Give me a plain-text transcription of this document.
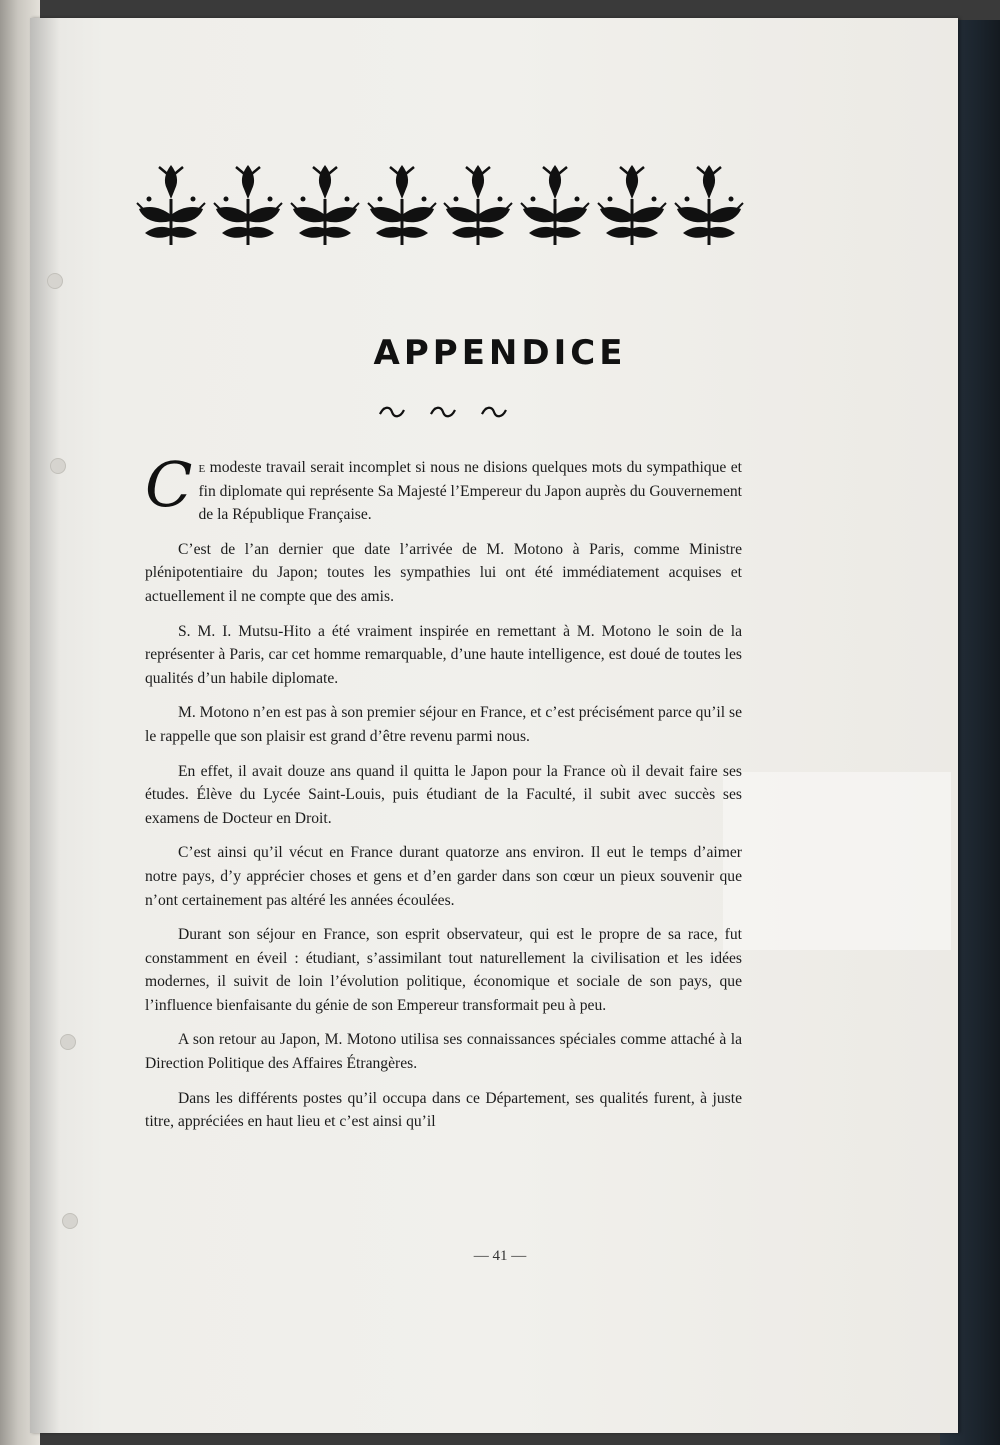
APPENDICE

Ce modeste travail serait incomplet si nous ne disions quelques mots du sympathique et fin diplomate qui représente Sa Majesté l’Empereur du Japon auprès du Gouvernement de la République Française.

C’est de l’an dernier que date l’arrivée de M. Motono à Paris, comme Ministre plénipotentiaire du Japon; toutes les sympathies lui ont été immédiatement acquises et actuellement il ne compte que des amis.

S. M. I. Mutsu-Hito a été vraiment inspirée en remettant à M. Motono le soin de la représenter à Paris, car cet homme remarquable, d’une haute intelligence, est doué de toutes les qualités d’un habile diplomate.

M. Motono n’en est pas à son premier séjour en France, et c’est précisément parce qu’il se le rappelle que son plaisir est grand d’être revenu parmi nous.

En effet, il avait douze ans quand il quitta le Japon pour la France où il devait faire ses études. Élève du Lycée Saint-Louis, puis étudiant de la Faculté, il subit avec succès ses examens de Docteur en Droit.

C’est ainsi qu’il vécut en France durant quatorze ans environ. Il eut le temps d’aimer notre pays, d’y apprécier choses et gens et d’en garder dans son cœur un pieux souvenir que n’ont certainement pas altéré les années écoulées.

Durant son séjour en France, son esprit observateur, qui est le propre de sa race, fut constamment en éveil : étudiant, s’assimilant tout naturellement la civilisation et les idées modernes, il suivit de loin l’évolution politique, économique et sociale de son pays, que l’influence bienfaisante du génie de son Empereur transformait peu à peu.

A son retour au Japon, M. Motono utilisa ses connaissances spéciales comme attaché à la Direction Politique des Affaires Étrangères.

Dans les différents postes qu’il occupa dans ce Département, ses qualités furent, à juste titre, appréciées en haut lieu et c’est ainsi qu’il

— 41 —
